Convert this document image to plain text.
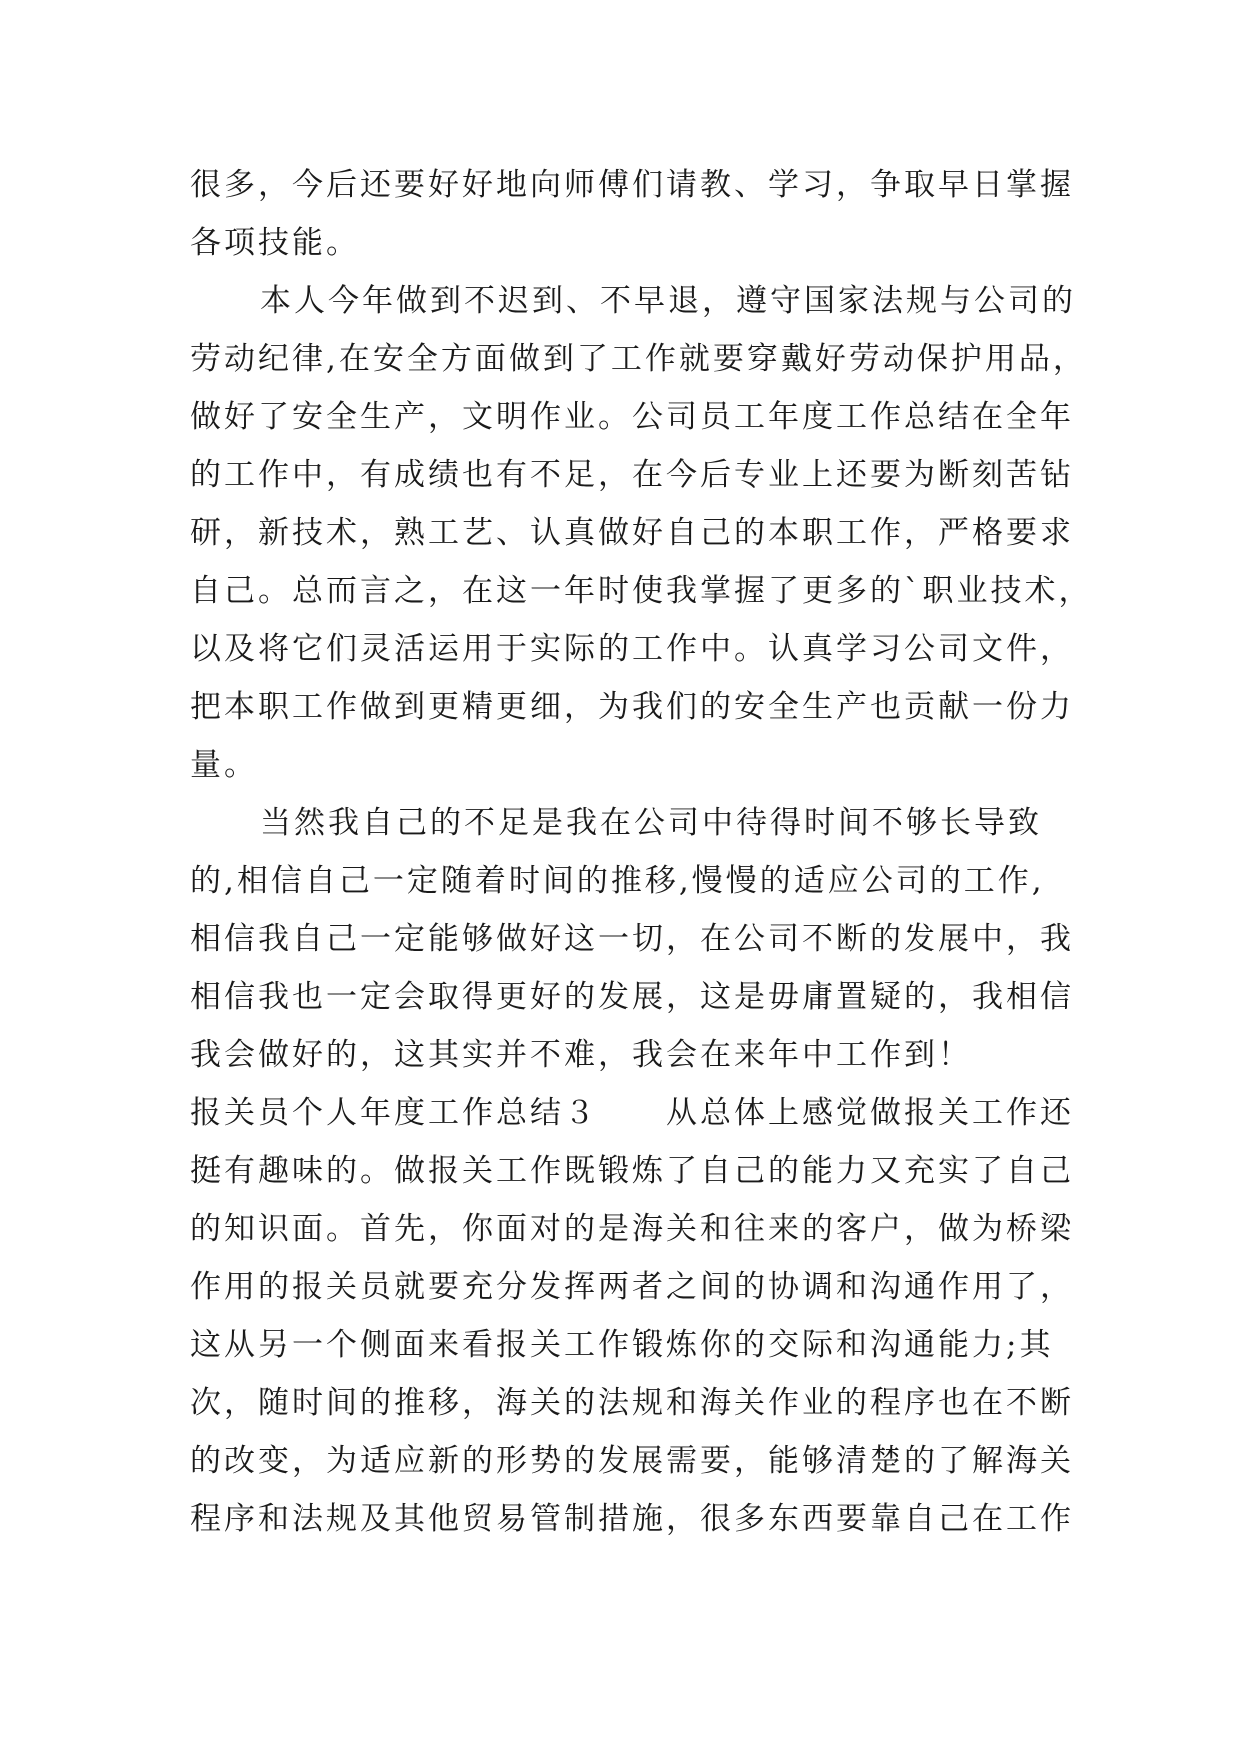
很多，今后还要好好地向师傅们请教、学习，争取早日掌握
各项技能。
本人今年做到不迟到、不早退，遵守国家法规与公司的
劳动纪律,在安全方面做到了工作就要穿戴好劳动保护用品，
做好了安全生产，文明作业。公司员工年度工作总结在全年
的工作中，有成绩也有不足，在今后专业上还要为断刻苦钻
研，新技术，熟工艺、认真做好自己的本职工作，严格要求
自己。总而言之，在这一年时使我掌握了更多的`职业技术，
以及将它们灵活运用于实际的工作中。认真学习公司文件，
把本职工作做到更精更细，为我们的安全生产也贡献一份力
量。
当然我自己的不足是我在公司中待得时间不够长导致
的,相信自己一定随着时间的推移,慢慢的适应公司的工作,
相信我自己一定能够做好这一切，在公司不断的发展中，我
相信我也一定会取得更好的发展，这是毋庸置疑的，我相信
我会做好的，这其实并不难，我会在来年中工作到！
报关员个人年度工作总结３　　从总体上感觉做报关工作还
挺有趣味的。做报关工作既锻炼了自己的能力又充实了自己
的知识面。首先，你面对的是海关和往来的客户，做为桥梁
作用的报关员就要充分发挥两者之间的协调和沟通作用了，
这从另一个侧面来看报关工作锻炼你的交际和沟通能力;其
次，随时间的推移，海关的法规和海关作业的程序也在不断
的改变，为适应新的形势的发展需要，能够清楚的了解海关
程序和法规及其他贸易管制措施，很多东西要靠自己在工作
